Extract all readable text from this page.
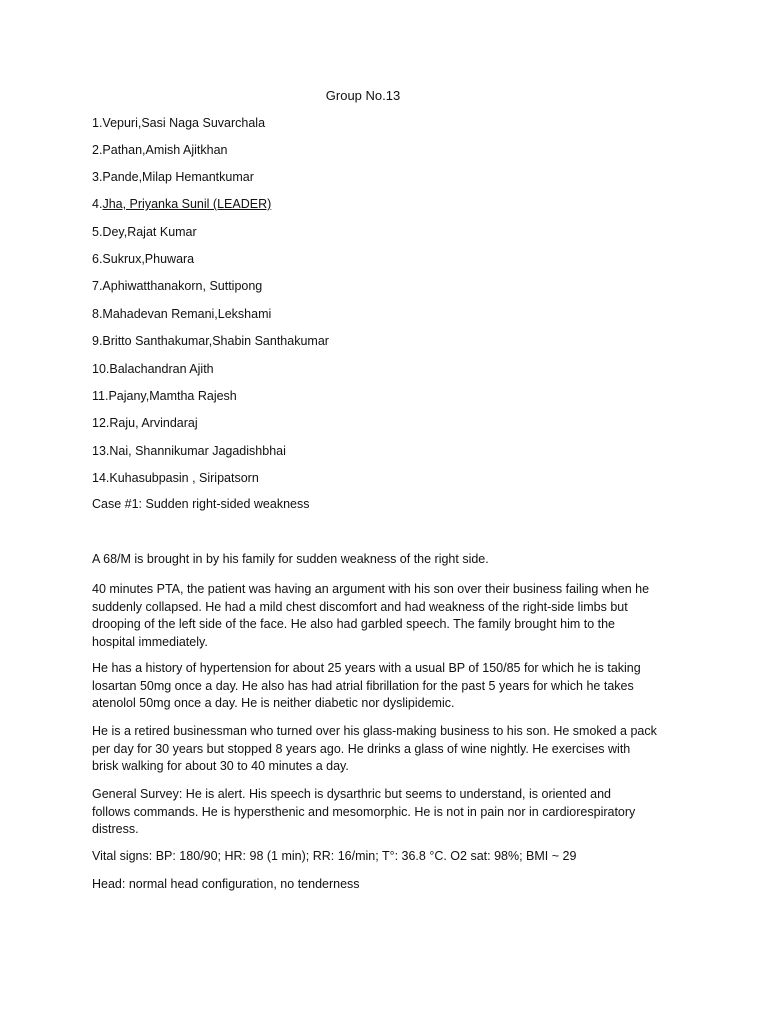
Group No.13
1.Vepuri,Sasi Naga Suvarchala
2.Pathan,Amish Ajitkhan
3.Pande,Milap Hemantkumar
4.Jha, Priyanka Sunil (LEADER)
5.Dey,Rajat Kumar
6.Sukrux,Phuwara
7.Aphiwatthanakorn, Suttipong
8.Mahadevan Remani,Lekshami
9.Britto Santhakumar,Shabin Santhakumar
10.Balachandran Ajith
11.Pajany,Mamtha Rajesh
12.Raju, Arvindaraj
13.Nai, Shannikumar Jagadishbhai
14.Kuhasubpasin , Siripatsorn
Case #1: Sudden right-sided weakness

A 68/M is brought in by his family for sudden weakness of the right side.

40 minutes PTA, the patient was having an argument with his son over their business failing when he
suddenly collapsed. He had a mild chest discomfort and had weakness of the right-side limbs but
drooping of the left side of the face. He also had garbled speech. The family brought him to the
hospital immediately.

He has a history of hypertension for about 25 years with a usual BP of 150/85 for which he is taking
losartan 50mg once a day. He also has had atrial fibrillation for the past 5 years for which he takes
atenolol 50mg once a day. He is neither diabetic nor dyslipidemic.

He is a retired businessman who turned over his glass-making business to his son. He smoked a pack
per day for 30 years but stopped 8 years ago. He drinks a glass of wine nightly. He exercises with
brisk walking for about 30 to 40 minutes a day.

General Survey: He is alert. His speech is dysarthric but seems to understand, is oriented and
follows commands. He is hypersthenic and mesomorphic. He is not in pain nor in cardiorespiratory
distress.

Vital signs: BP: 180/90; HR: 98 (1 min); RR: 16/min; T°: 36.8 °C. O2 sat: 98%; BMI ~ 29

Head: normal head configuration, no tenderness
